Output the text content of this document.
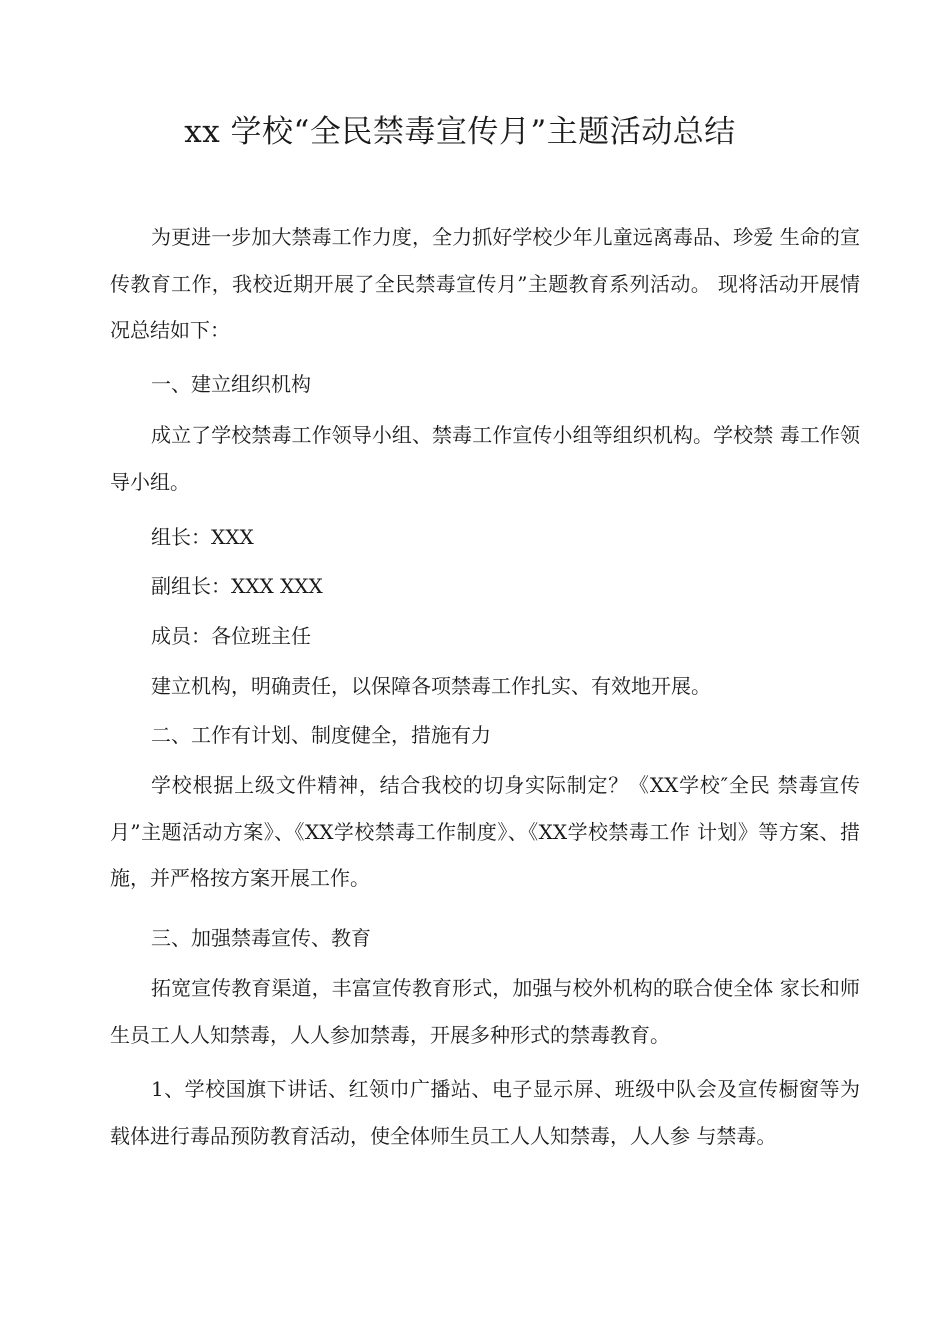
xx 学校“全民禁毒宣传月”主题活动总结
为更进一步加大禁毒工作力度，全力抓好学校少年儿童远离毒品、珍爱 生命的宣传教育工作，我校近期开展了全民禁毒宣传月”主题教育系列活动。 现将活动开展情况总结如下：
一、建立组织机构
成立了学校禁毒工作领导小组、禁毒工作宣传小组等组织机构。学校禁 毒工作领导小组。
组长：XXX
副组长：XXX XXX
成员：各位班主任
建立机构，明确责任，以保障各项禁毒工作扎实、有效地开展。
二、工作有计划、制度健全，措施有力
学校根据上级文件精神，结合我校的切身实际制定？《XX学校″全民 禁毒宣传月”主题活动方案》、《XX学校禁毒工作制度》、《XX学校禁毒工作 计划》等方案、措施，并严格按方案开展工作。
三、加强禁毒宣传、教育
拓宽宣传教育渠道，丰富宣传教育形式，加强与校外机构的联合使全体 家长和师生员工人人知禁毒，人人参加禁毒，开展多种形式的禁毒教育。
1、学校国旗下讲话、红领巾广播站、电子显示屏、班级中队会及宣传橱窗等为载体进行毒品预防教育活动，使全体师生员工人人知禁毒，人人参 与禁毒。
